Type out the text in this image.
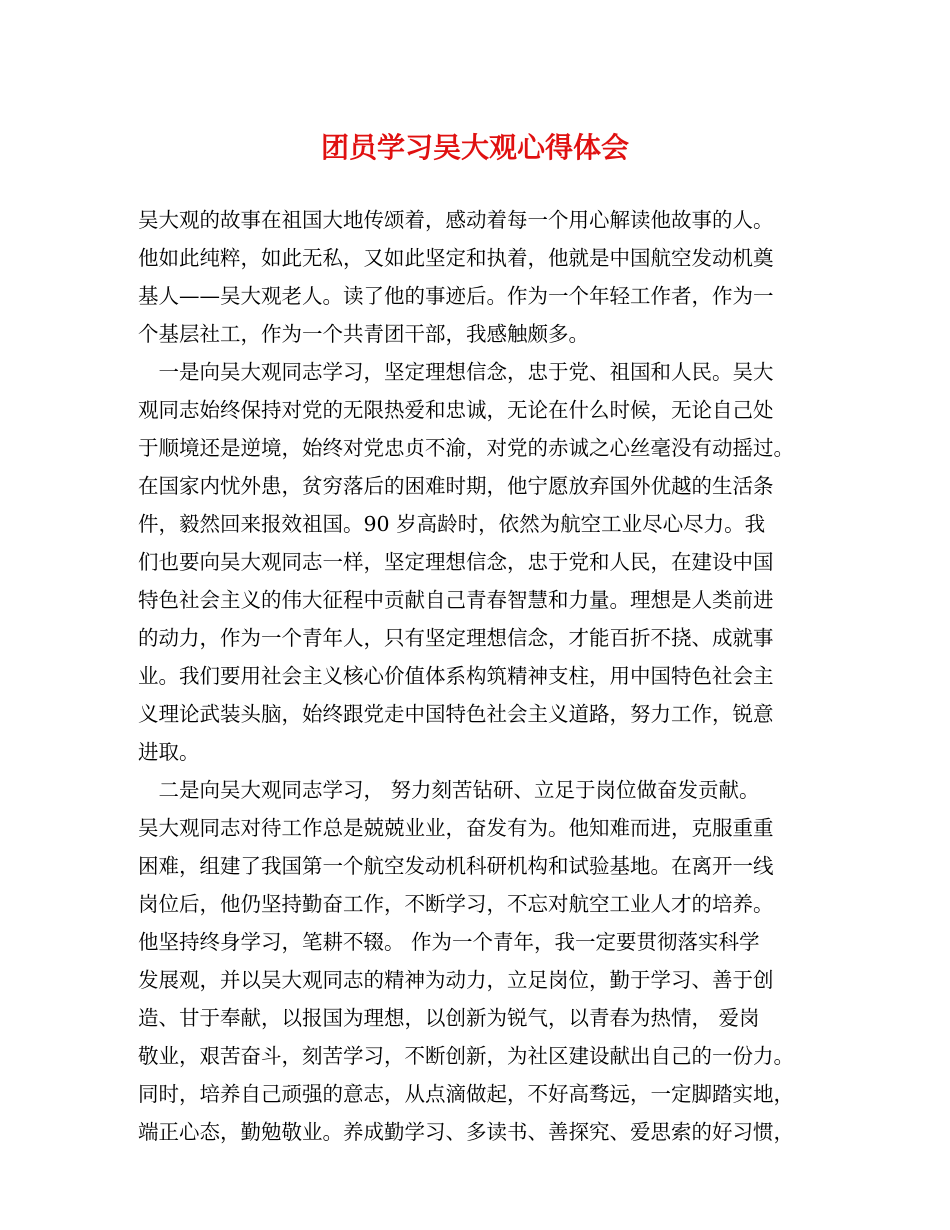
团员学习吴大观心得体会
吴大观的故事在祖国大地传颂着，感动着每一个用心解读他故事的人。
他如此纯粹，如此无私，又如此坚定和执着，他就是中国航空发动机奠
基人——吴大观老人。读了他的事迹后。作为一个年轻工作者，作为一
个基层社工，作为一个共青团干部，我感触颇多。
　一是向吴大观同志学习，坚定理想信念，忠于党、祖国和人民。吴大
观同志始终保持对党的无限热爱和忠诚，无论在什么时候，无论自己处
于顺境还是逆境，始终对党忠贞不渝，对党的赤诚之心丝毫没有动摇过。
在国家内忧外患，贫穷落后的困难时期，他宁愿放弃国外优越的生活条
件，毅然回来报效祖国。90 岁高龄时，依然为航空工业尽心尽力。我
们也要向吴大观同志一样，坚定理想信念，忠于党和人民，在建设中国
特色社会主义的伟大征程中贡献自己青春智慧和力量。理想是人类前进
的动力，作为一个青年人，只有坚定理想信念，才能百折不挠、成就事
业。我们要用社会主义核心价值体系构筑精神支柱，用中国特色社会主
义理论武装头脑，始终跟党走中国特色社会主义道路，努力工作，锐意
进取。
　二是向吴大观同志学习， 努力刻苦钻研、立足于岗位做奋发贡献。
吴大观同志对待工作总是兢兢业业，奋发有为。他知难而进，克服重重
困难，组建了我国第一个航空发动机科研机构和试验基地。在离开一线
岗位后，他仍坚持勤奋工作，不断学习，不忘对航空工业人才的培养。
他坚持终身学习，笔耕不辍。 作为一个青年，我一定要贯彻落实科学
发展观，并以吴大观同志的精神为动力，立足岗位，勤于学习、善于创
造、甘于奉献，以报国为理想，以创新为锐气，以青春为热情， 爱岗
敬业，艰苦奋斗，刻苦学习，不断创新，为社区建设献出自己的一份力。
同时，培养自己顽强的意志，从点滴做起，不好高骛远，一定脚踏实地，
端正心态，勤勉敬业。养成勤学习、多读书、善探究、爱思索的好习惯，
